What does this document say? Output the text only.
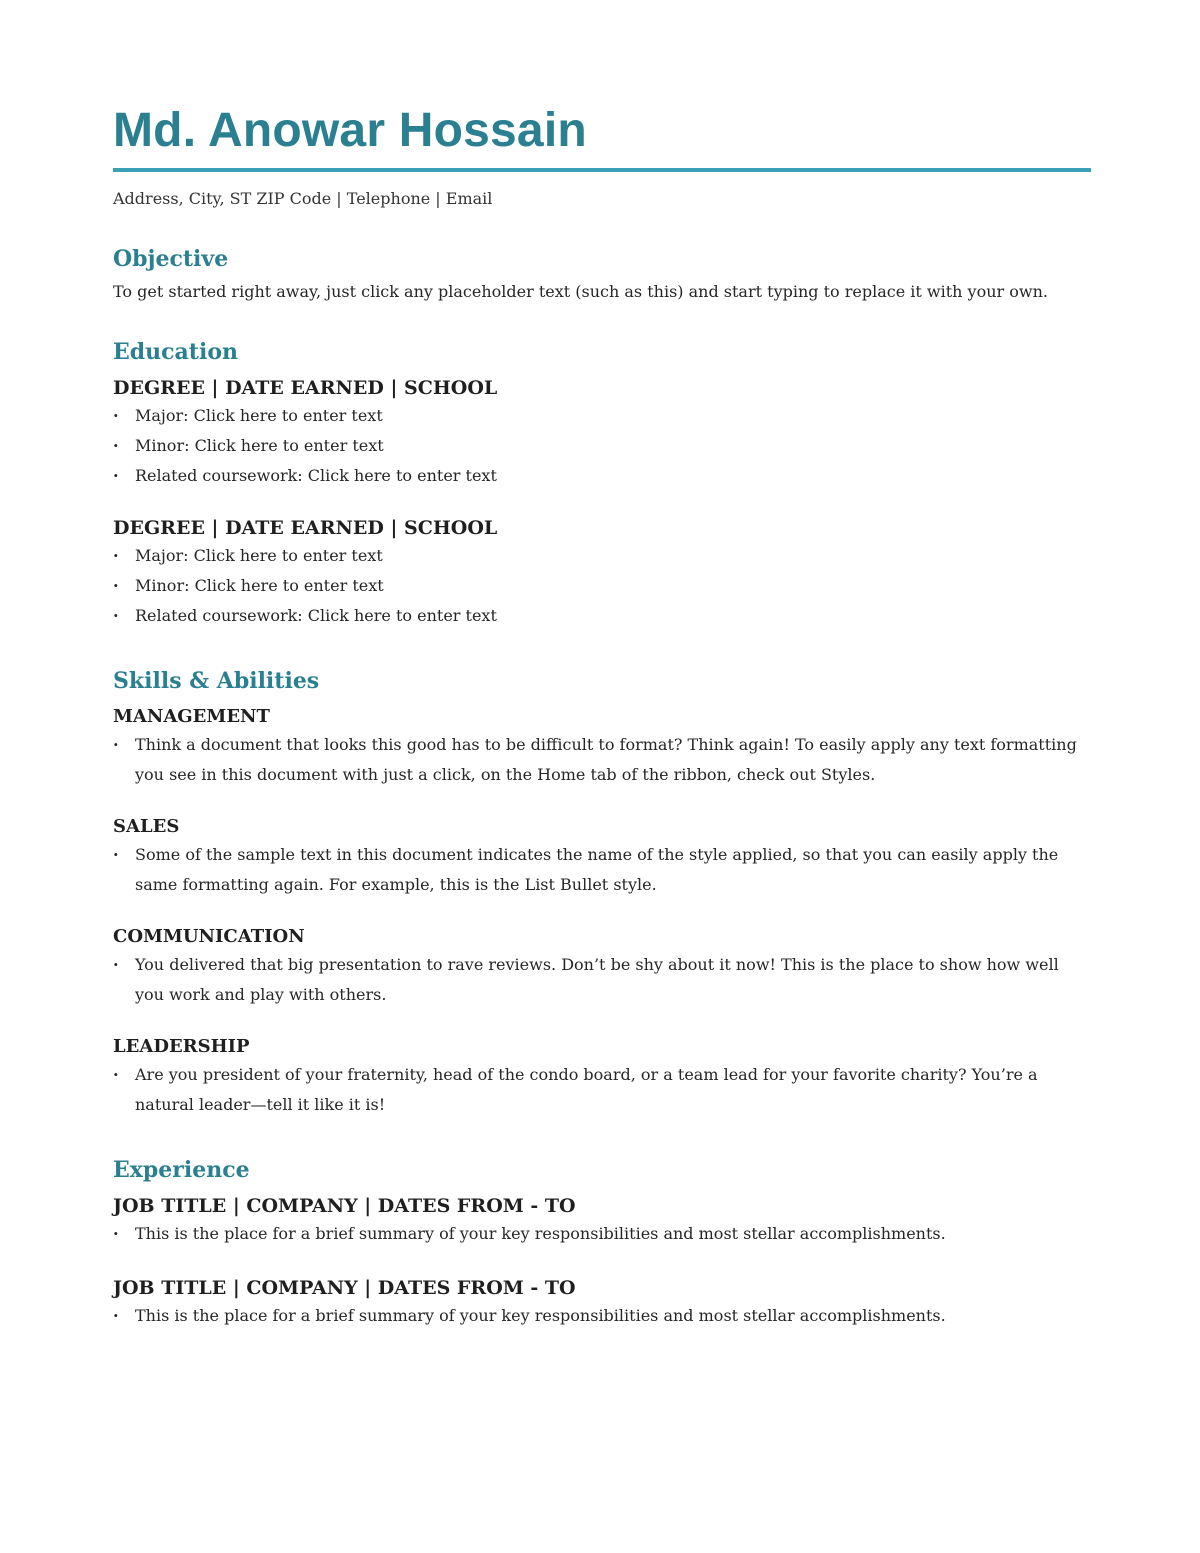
Md. Anowar Hossain
Address, City, ST ZIP Code | Telephone | Email
Objective
To get started right away, just click any placeholder text (such as this) and start typing to replace it with your own.
Education
DEGREE | DATE EARNED | SCHOOL
· Major: Click here to enter text
· Minor: Click here to enter text
· Related coursework: Click here to enter text
DEGREE | DATE EARNED | SCHOOL
· Major: Click here to enter text
· Minor: Click here to enter text
· Related coursework: Click here to enter text
Skills & Abilities
MANAGEMENT
· Think a document that looks this good has to be difficult to format? Think again! To easily apply any text formatting you see in this document with just a click, on the Home tab of the ribbon, check out Styles.
SALES
· Some of the sample text in this document indicates the name of the style applied, so that you can easily apply the same formatting again. For example, this is the List Bullet style.
COMMUNICATION
· You delivered that big presentation to rave reviews. Don’t be shy about it now! This is the place to show how well you work and play with others.
LEADERSHIP
· Are you president of your fraternity, head of the condo board, or a team lead for your favorite charity? You’re a natural leader—tell it like it is!
Experience
JOB TITLE | COMPANY | DATES FROM - TO
· This is the place for a brief summary of your key responsibilities and most stellar accomplishments.
JOB TITLE | COMPANY | DATES FROM - TO
· This is the place for a brief summary of your key responsibilities and most stellar accomplishments.
